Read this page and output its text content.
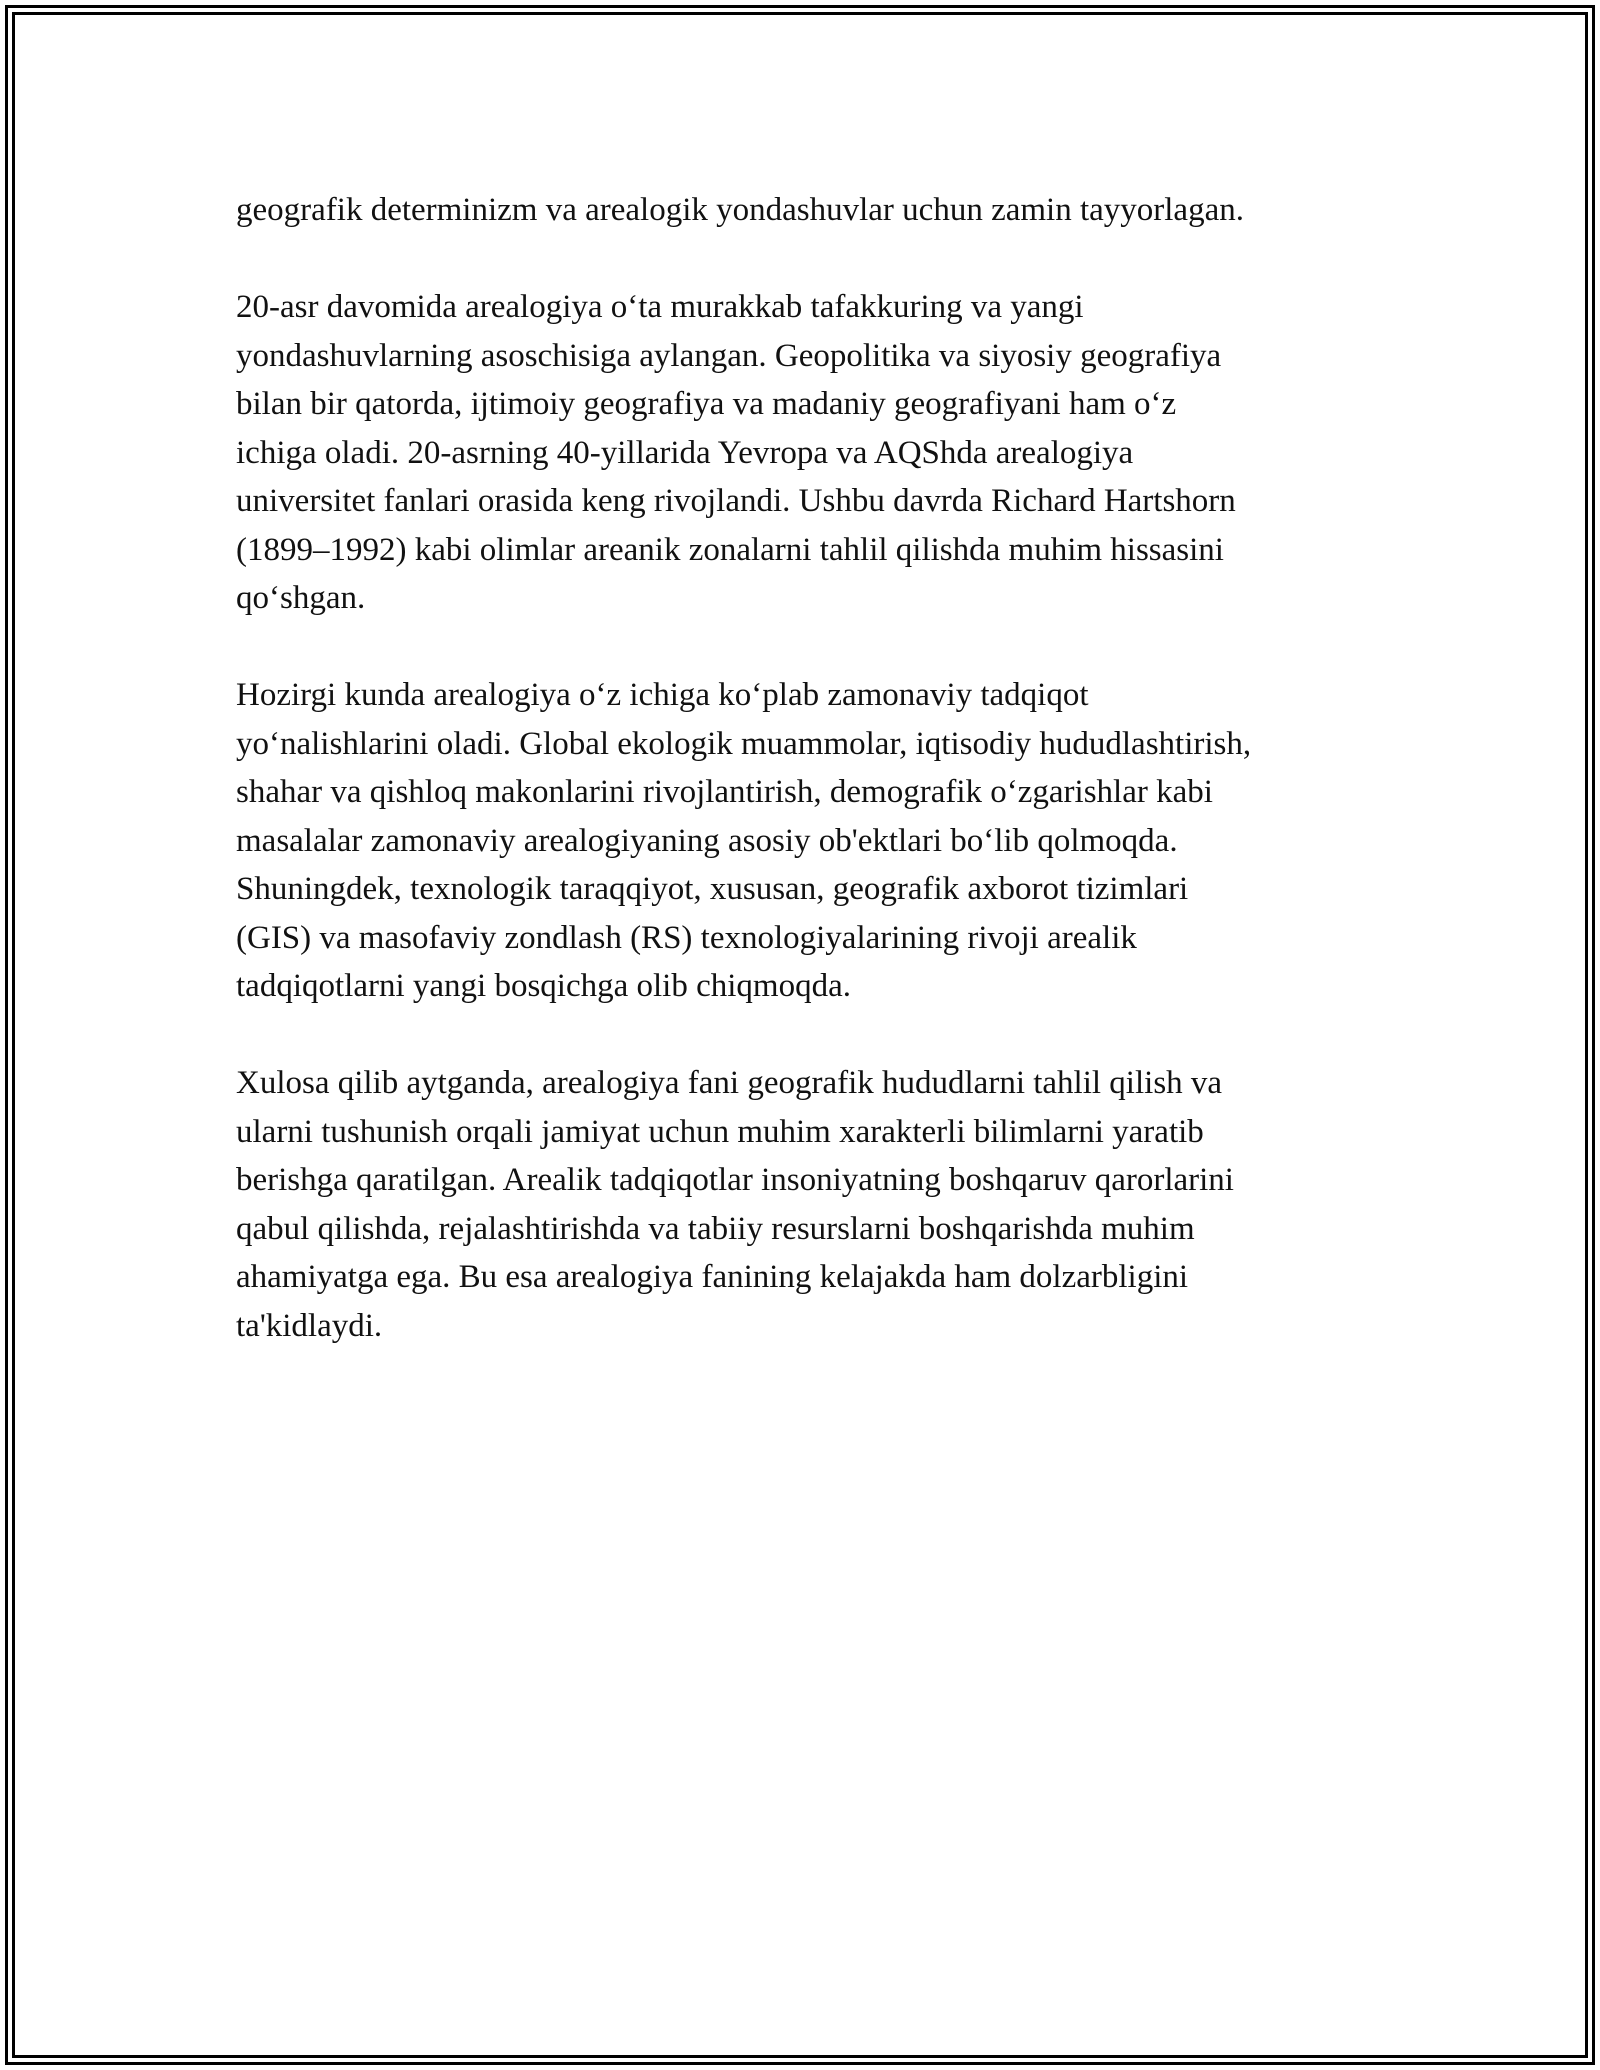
geografik determinizm va arealogik yondashuvlar uchun zamin tayyorlagan.

20-asr davomida arealogiya o‘ta murakkab tafakkuring va yangi
yondashuvlarning asoschisiga aylangan. Geopolitika va siyosiy geografiya
bilan bir qatorda, ijtimoiy geografiya va madaniy geografiyani ham o‘z
ichiga oladi. 20-asrning 40-yillarida Yevropa va AQShda arealogiya
universitet fanlari orasida keng rivojlandi. Ushbu davrda Richard Hartshorn
(1899–1992) kabi olimlar areanik zonalarni tahlil qilishda muhim hissasini
qo‘shgan.

Hozirgi kunda arealogiya o‘z ichiga ko‘plab zamonaviy tadqiqot
yo‘nalishlarini oladi. Global ekologik muammolar, iqtisodiy hududlashtirish,
shahar va qishloq makonlarini rivojlantirish, demografik o‘zgarishlar kabi
masalalar zamonaviy arealogiyaning asosiy ob'ektlari bo‘lib qolmoqda.
Shuningdek, texnologik taraqqiyot, xususan, geografik axborot tizimlari
(GIS) va masofaviy zondlash (RS) texnologiyalarining rivoji arealik
tadqiqotlarni yangi bosqichga olib chiqmoqda.

Xulosa qilib aytganda, arealogiya fani geografik hududlarni tahlil qilish va
ularni tushunish orqali jamiyat uchun muhim xarakterli bilimlarni yaratib
berishga qaratilgan. Arealik tadqiqotlar insoniyatning boshqaruv qarorlarini
qabul qilishda, rejalashtirishda va tabiiy resurslarni boshqarishda muhim
ahamiyatga ega. Bu esa arealogiya fanining kelajakda ham dolzarbligini
ta'kidlaydi.
